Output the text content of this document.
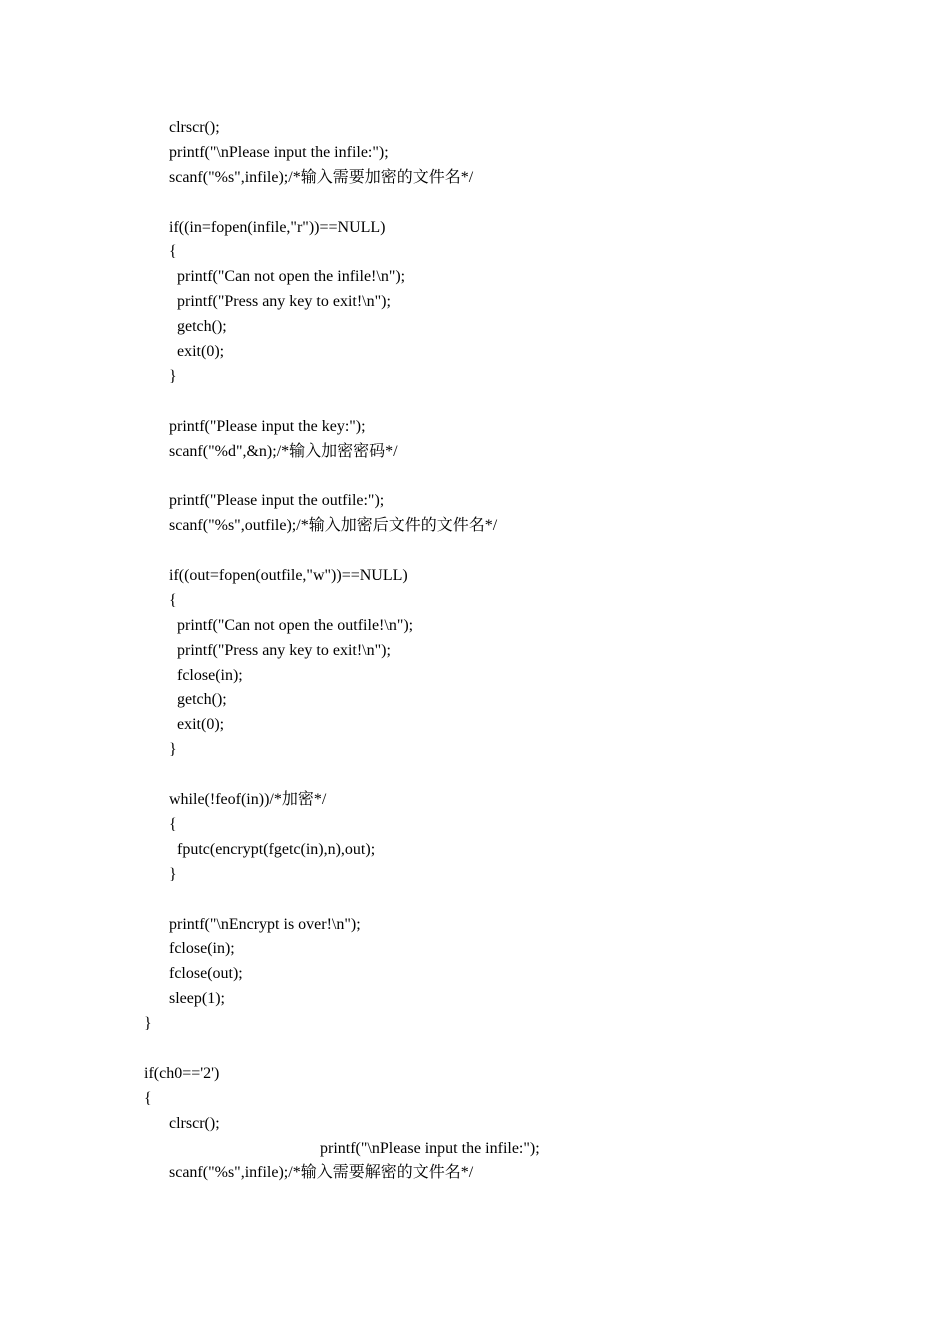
clrscr();
printf("\nPlease input the infile:");
scanf("%s",infile);/*输入需要加密的文件名*/
if((in=fopen(infile,"r"))==NULL)
{
printf("Can not open the infile!\n");
printf("Press any key to exit!\n");
getch();
exit(0);
}
printf("Please input the key:");
scanf("%d",&n);/*输入加密密码*/
printf("Please input the outfile:");
scanf("%s",outfile);/*输入加密后文件的文件名*/
if((out=fopen(outfile,"w"))==NULL)
{
printf("Can not open the outfile!\n");
printf("Press any key to exit!\n");
fclose(in);
getch();
exit(0);
}
while(!feof(in))/*加密*/
{
fputc(encrypt(fgetc(in),n),out);
}
printf("\nEncrypt is over!\n");
fclose(in);
fclose(out);
sleep(1);
}
if(ch0=='2')
{
clrscr();
printf("\nPlease input the infile:");
scanf("%s",infile);/*输入需要解密的文件名*/
